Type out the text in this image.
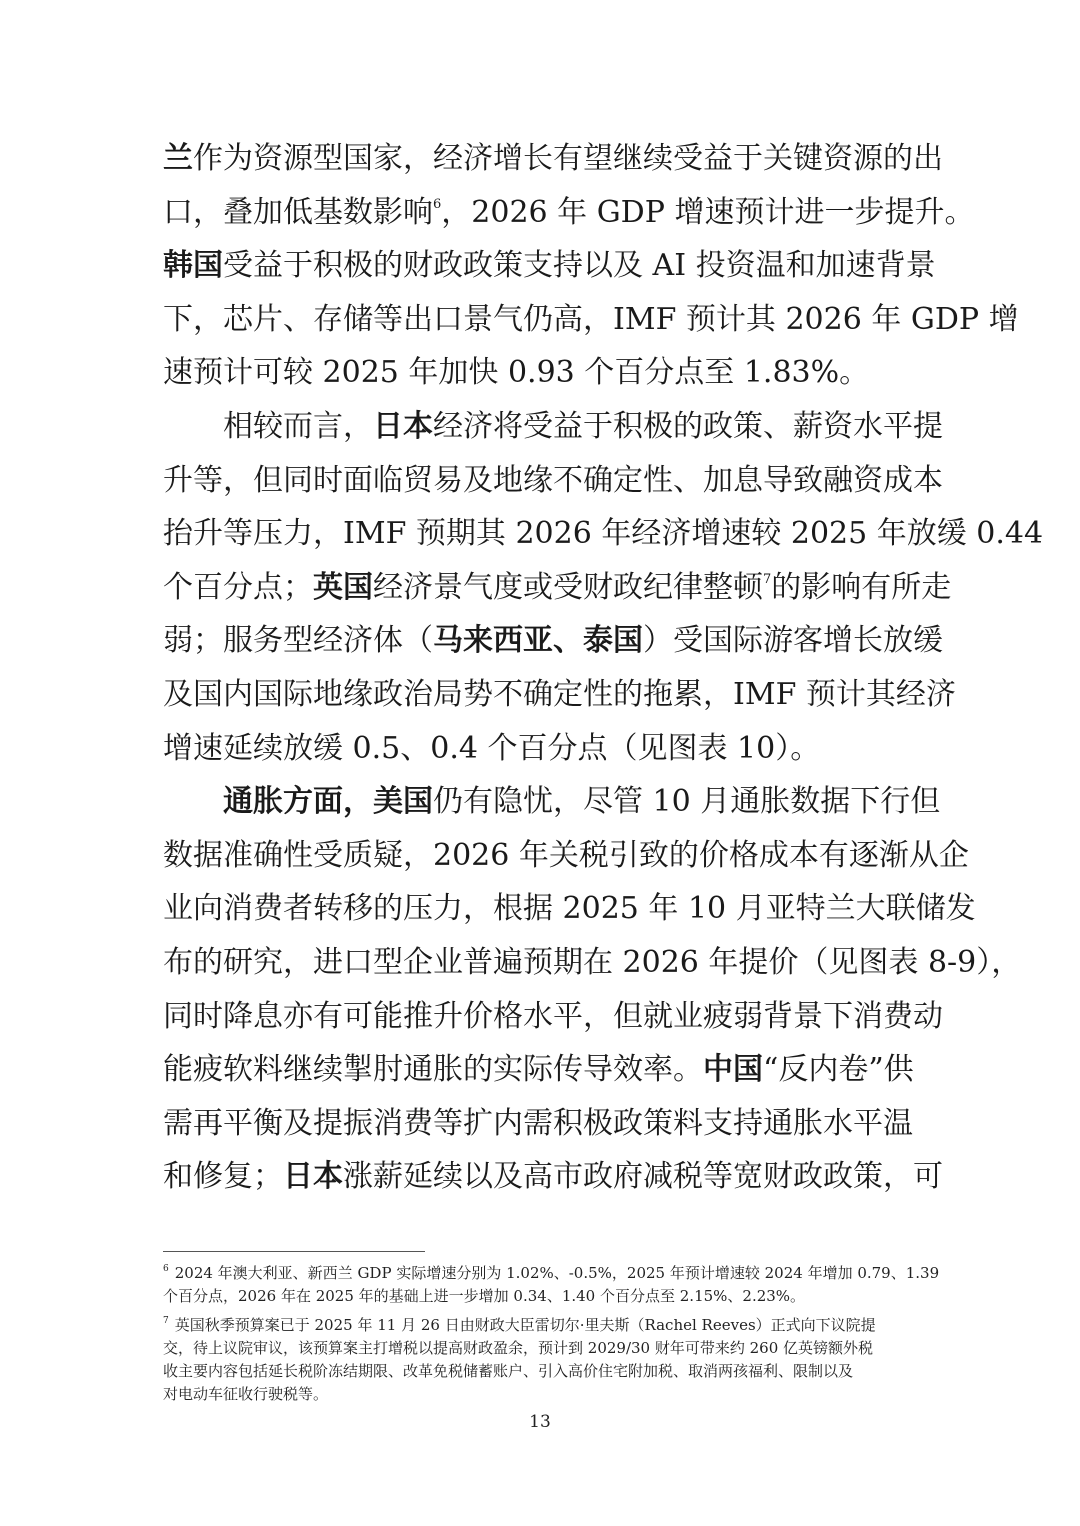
兰作为资源型国家，经济增长有望继续受益于关键资源的出
口，叠加低基数影响$^6$，2026 年 GDP 增速预计进一步提升。
韩国受益于积极的财政政策支持以及 AI 投资温和加速背景
下，芯片、存储等出口景气仍高，IMF 预计其 2026 年 GDP 增
速预计可较 2025 年加快 0.93 个百分点至 1.83%。
相较而言，日本经济将受益于积极的政策、薪资水平提
升等，但同时面临贸易及地缘不确定性、加息导致融资成本
抬升等压力，IMF 预期其 2026 年经济增速较 2025 年放缓 0.44
个百分点；英国经济景气度或受财政纪律整顿$^7$的影响有所走
弱；服务型经济体（马来西亚、泰国）受国际游客增长放缓
及国内国际地缘政治局势不确定性的拖累，IMF 预计其经济
增速延续放缓 0.5、0.4 个百分点（见图表 10）。
通胀方面，美国仍有隐忧，尽管 10 月通胀数据下行但
数据准确性受质疑，2026 年关税引致的价格成本有逐渐从企
业向消费者转移的压力，根据 2025 年 10 月亚特兰大联储发
布的研究，进口型企业普遍预期在 2026 年提价（见图表 8-9），
同时降息亦有可能推升价格水平，但就业疲弱背景下消费动
能疲软料继续掣肘通胀的实际传导效率。中国“反内卷”供
需再平衡及提振消费等扩内需积极政策料支持通胀水平温
和修复；日本涨薪延续以及高市政府减税等宽财政政策，可
$^6$ 2024 年澳大利亚、新西兰 GDP 实际增速分别为 1.02%、-0.5%，2025 年预计增速较 2024 年增加 0.79、1.39
个百分点，2026 年在 2025 年的基础上进一步增加 0.34、1.40 个百分点至 2.15%、2.23%。
$^7$ 英国秋季预算案已于 2025 年 11 月 26 日由财政大臣雷切尔·里夫斯（Rachel Reeves）正式向下议院提
交，待上议院审议，该预算案主打增税以提高财政盈余，预计到 2029/30 财年可带来约 260 亿英镑额外税
收主要内容包括延长税阶冻结期限、改革免税储蓄账户、引入高价住宅附加税、取消两孩福利、限制以及
对电动车征收行驶税等。
13
